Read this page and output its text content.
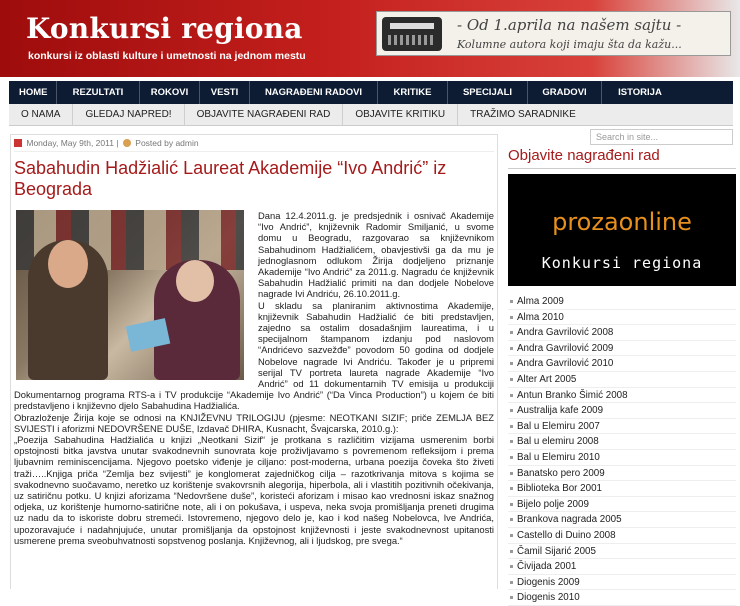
Konkursi regiona
konkursi iz oblasti kulture i umetnosti na jednom mestu
- Od 1.aprila na našem sajtu -
Kolumne autora koji imaju šta da kažu...
HOME	REZULTATI	ROKOVI	VESTI	NAGRAĐENI RADOVI	KRITIKE	SPECIJALI	GRADOVI	ISTORIJA
O NAMA	GLEDAJ NAPRED!	OBJAVITE NAGRAĐENI RAD	OBJAVITE KRITIKU	TRAŽIMO SARADNIKE
Monday, May 9th, 2011 |  Posted by admin
Sabahudin Hadžialić Laureat Akademije “Ivo Andrić” iz Beograda

Dana 12.4.2011.g. je predsjednik i osnivač Akademije “Ivo Andrić”, književnik Radomir Smiljanić, u svome domu u Beogradu, razgovarao sa književnikom Sabahudinom Hadžialićem, obavjestivši ga da mu je jednoglasnom odlukom Žirija dodjeljeno priznanje Akademije “Ivo Andrić” za 2011.g. Nagradu će književnik Sabahudin Hadžialić primiti na dan dodjele Nobelove nagrade Ivi Andriću, 26.10.2011.g.

U skladu sa planiranim aktivnostima Akademije, književnik Sabahudin Hadžialić će biti predstavljen, zajedno sa ostalim dosadašnjim laureatima, i u specijalnom štampanom izdanju pod naslovom “Andrićevo sazvežđe” povodom 50 godina od dodjele Nobelove nagrade Ivi Andriću. Također je u pripremi serijal TV portreta laureta nagrade Akademije “Ivo Andrić” od 11 dokumentarnih TV emisija u produkciji Dokumentarnog programa RTS-a i TV produkcije “Akademije Ivo Andrić” (“Da Vinca Production”) u kojem će biti predstavljeno i književno djelo Sabahudina Hadžialića.

Obrazloženje Žirija koje se odnosi na KNJIŽEVNU TRILOGIJU (pjesme: NEOTKANI SIZIF; priče ZEMLJA BEZ SVIJESTI i aforizmi NEDOVRŠENE DUŠE, Izdavač DHIRA, Kusnacht, Švajcarska, 2010.g.):

„Poezija Sabahudina Hadžialića u knjizi „Neotkani Sizif“ je protkana s različitim vizijama usmerenim borbi opstojnosti bitka javstva unutar svakodnevnih sunovrata koje proživljavamo s povremenom refleksijom i prema ljubavnim reminiscencijama. Njegovo poetsko viđenje je ciljano: post-moderna, urbana poezija čoveka što živeti traži…..Knjiga priča “Zemlja bez svijesti” je konglomerat zajedničkog cilja – razotkrivanja mitova s kojima se svakodnevno suočavamo, neretko uz korištenje svakovrsnih alegorija, hiperbola, ali i vlastitih pozitivnih očekivanja, uz satiričnu potku. U knjizi aforizama “Nedovršene duše”, koristeći aforizam i misao kao vrednosni iskaz snažnog odjeka, uz korištenje humorno-satirične note, ali i on pokušava, i uspeva, neka svoja promišljanja preneti drugima uz nadu da to iskoriste dobru stremeći. Istovremeno, njegovo delo je, kao i kod našeg Nobelovca, Ive Andrića, upozoravajuće i nadahnjujuće, unutar promišljanja da opstojnost književnosti i jeste svakodnevnost upitanosti usmerene prema sveobuhvatnosti sopstvenog poslanja. Književnog, ali i ljudskog, pre svega.“

Search in site...
Objavite nagrađeni rad
prozaonline
Konkursi regiona
Alma 2009
Alma 2010
Andra Gavrilović 2008
Andra Gavrilović 2009
Andra Gavrilović 2010
Alter Art 2005
Antun Branko Šimić 2008
Australija kafe 2009
Bal u Elemiru 2007
Bal u elemiru 2008
Bal u Elemiru 2010
Banatsko pero 2009
Biblioteka Bor 2001
Bijelo polje 2009
Brankova nagrada 2005
Castello di Duino 2008
Čamil Sijarić 2005
Čivijada 2001
Diogenis 2009
Diogenis 2010
